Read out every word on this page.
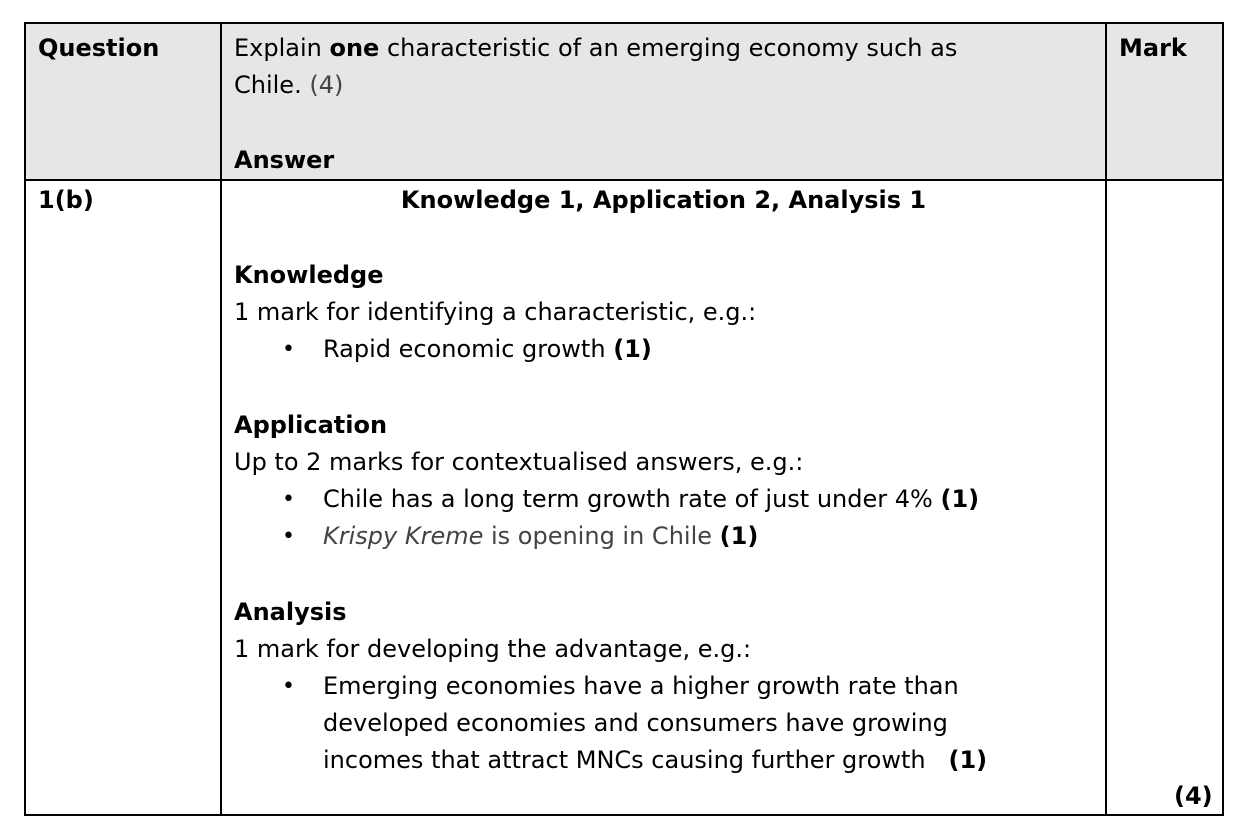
Question	Explain one characteristic of an emerging economy such as
Chile. (4)
Answer
Mark
1(b)	Knowledge 1, Application 2, Analysis 1
Knowledge
1 mark for identifying a characteristic, e.g.:
• Rapid economic growth (1)
Application
Up to 2 marks for contextualised answers, e.g.:
• Chile has a long term growth rate of just under 4% (1)
• Krispy Kreme is opening in Chile (1)
Analysis
1 mark for developing the advantage, e.g.:
• Emerging economies have a higher growth rate than
developed economies and consumers have growing
incomes that attract MNCs causing further growth (1)
(4)
